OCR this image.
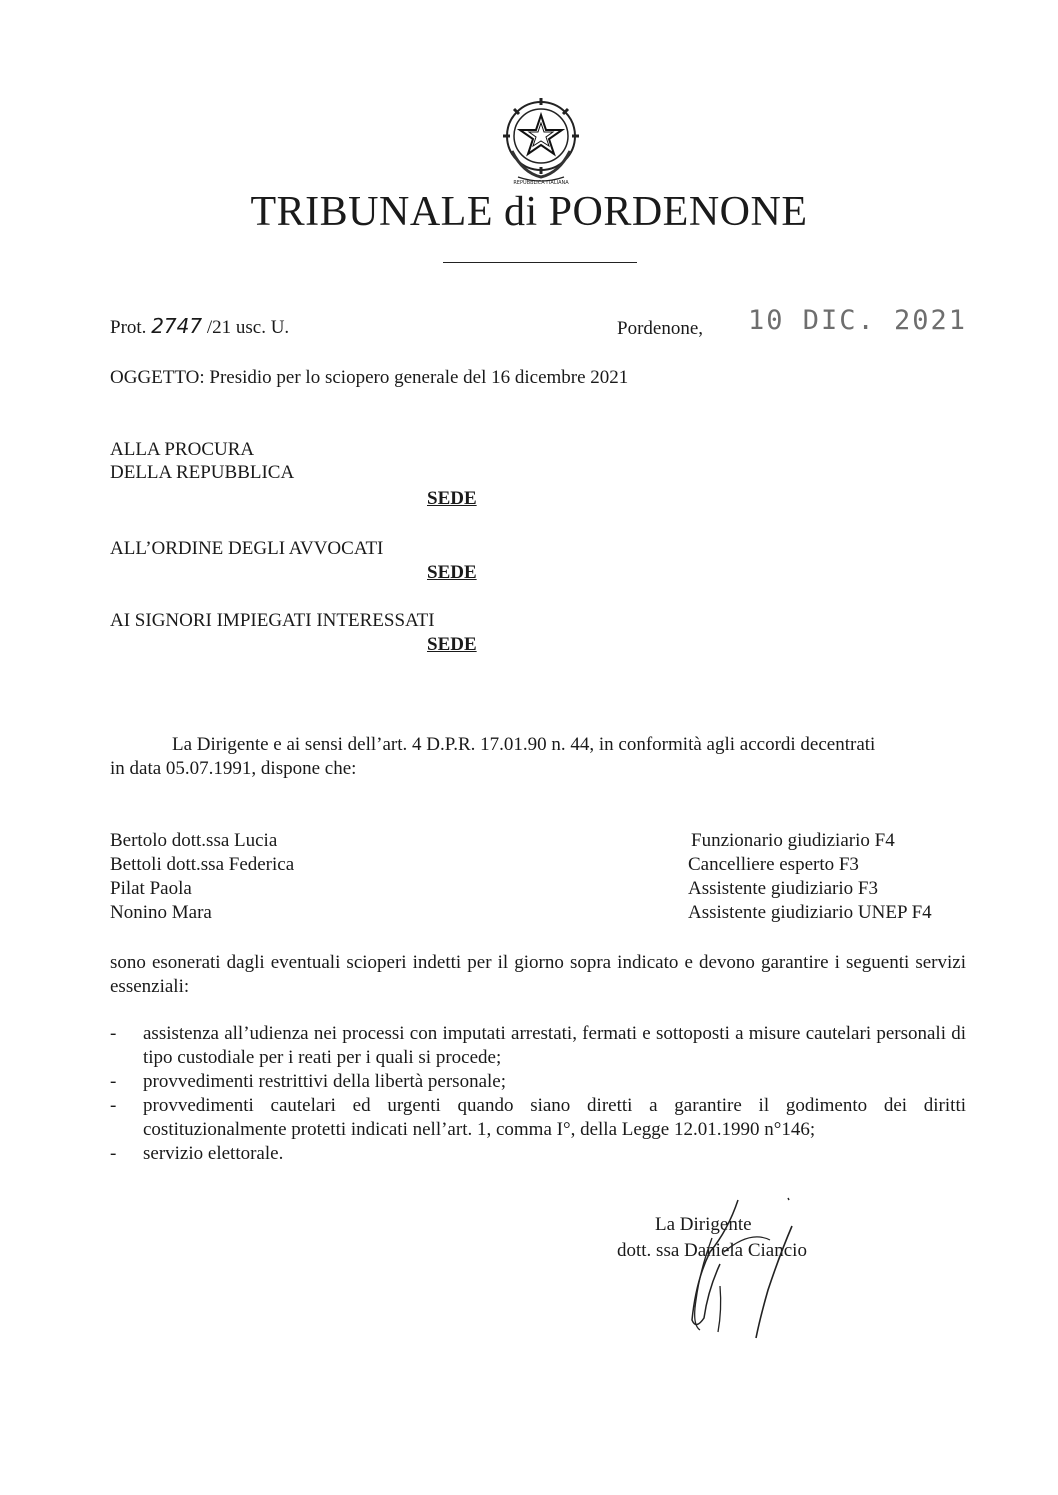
REPUBBLICA ITALIANA
TRIBUNALE di PORDENONE
Prot. 2747 /21 usc. U.	Pordenone, 10 DIC. 2021
OGGETTO: Presidio per lo sciopero generale del 16 dicembre 2021
ALLA PROCURA
DELLA REPUBBLICA
SEDE
ALL’ORDINE DEGLI AVVOCATI
SEDE
AI SIGNORI IMPIEGATI INTERESSATI
SEDE
La Dirigente e ai sensi dell’art. 4 D.P.R. 17.01.90 n. 44, in conformità agli accordi decentrati
in data 05.07.1991, dispone che:
Bertolo dott.ssa Lucia	Funzionario giudiziario F4
Bettoli dott.ssa Federica	Cancelliere esperto F3
Pilat Paola	Assistente giudiziario F3
Nonino Mara	Assistente giudiziario UNEP F4
sono esonerati dagli eventuali scioperi indetti per il giorno sopra indicato e devono garantire i seguenti servizi essenziali:
- assistenza all’udienza nei processi con imputati arrestati, fermati e sottoposti a misure cautelari personali di tipo custodiale per i reati per i quali si procede;
- provvedimenti restrittivi della libertà personale;
- provvedimenti cautelari ed urgenti quando siano diretti a garantire il godimento dei diritti costituzionalmente protetti indicati nell’art. 1, comma I°, della Legge 12.01.1990 n°146;
- servizio elettorale.
La Dirigente
dott. ssa Daniela Ciancio
